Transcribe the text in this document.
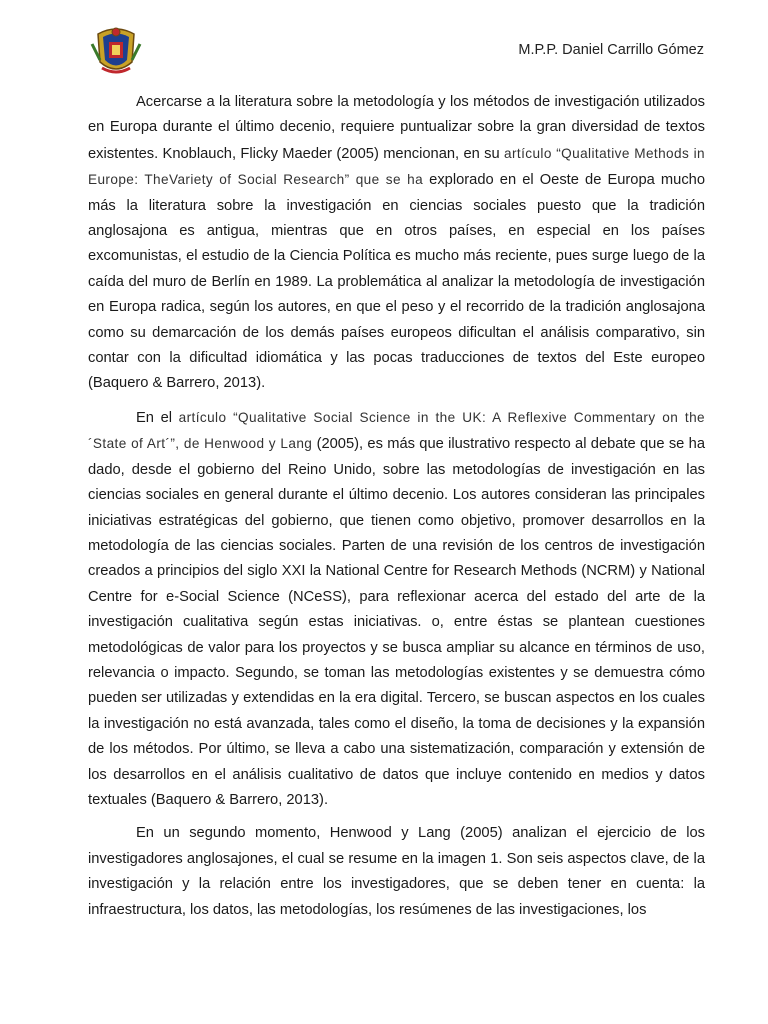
M.P.P. Daniel Carrillo Gómez

Acercarse a la literatura sobre la metodología y los métodos de investigación utilizados en Europa durante el último decenio, requiere puntualizar sobre la gran diversidad de textos existentes. Knoblauch, Flicky Maeder (2005) mencionan, en su artículo “Qualitative Methods in Europe: TheVariety of Social Research” que se ha explorado en el Oeste de Europa mucho más la literatura sobre la investigación en ciencias sociales puesto que la tradición anglosajona es antigua, mientras que en otros países, en especial en los países excomunistas, el estudio de la Ciencia Política es mucho más reciente, pues surge luego de la caída del muro de Berlín en 1989. La problemática al analizar la metodología de investigación en Europa radica, según los autores, en que el peso y el recorrido de la tradición anglosajona como su demarcación de los demás países europeos dificultan el análisis comparativo, sin contar con la dificultad idiomática y las pocas traducciones de textos del Este europeo (Baquero & Barrero, 2013).

En el artículo “Qualitative Social Science in the UK: A Reflexive Commentary on the ´State of Art´”, de Henwood y Lang (2005), es más que ilustrativo respecto al debate que se ha dado, desde el gobierno del Reino Unido, sobre las metodologías de investigación en las ciencias sociales en general durante el último decenio. Los autores consideran las principales iniciativas estratégicas del gobierno, que tienen como objetivo, promover desarrollos en la metodología de las ciencias sociales. Parten de una revisión de los centros de investigación creados a principios del siglo XXI la National Centre for Research Methods (NCRM) y National Centre for e-Social Science (NCeSS), para reflexionar acerca del estado del arte de la investigación cualitativa según estas iniciativas. o, entre éstas se plantean cuestiones metodológicas de valor para los proyectos y se busca ampliar su alcance en términos de uso, relevancia o impacto. Segundo, se toman las metodologías existentes y se demuestra cómo pueden ser utilizadas y extendidas en la era digital. Tercero, se buscan aspectos en los cuales la investigación no está avanzada, tales como el diseño, la toma de decisiones y la expansión de los métodos. Por último, se lleva a cabo una sistematización, comparación y extensión de los desarrollos en el análisis cualitativo de datos que incluye contenido en medios y datos textuales (Baquero & Barrero, 2013).

En un segundo momento, Henwood y Lang (2005) analizan el ejercicio de los investigadores anglosajones, el cual se resume en la imagen 1. Son seis aspectos clave, de la investigación y la relación entre los investigadores, que se deben tener en cuenta: la infraestructura, los datos, las metodologías, los resúmenes de las investigaciones, los
